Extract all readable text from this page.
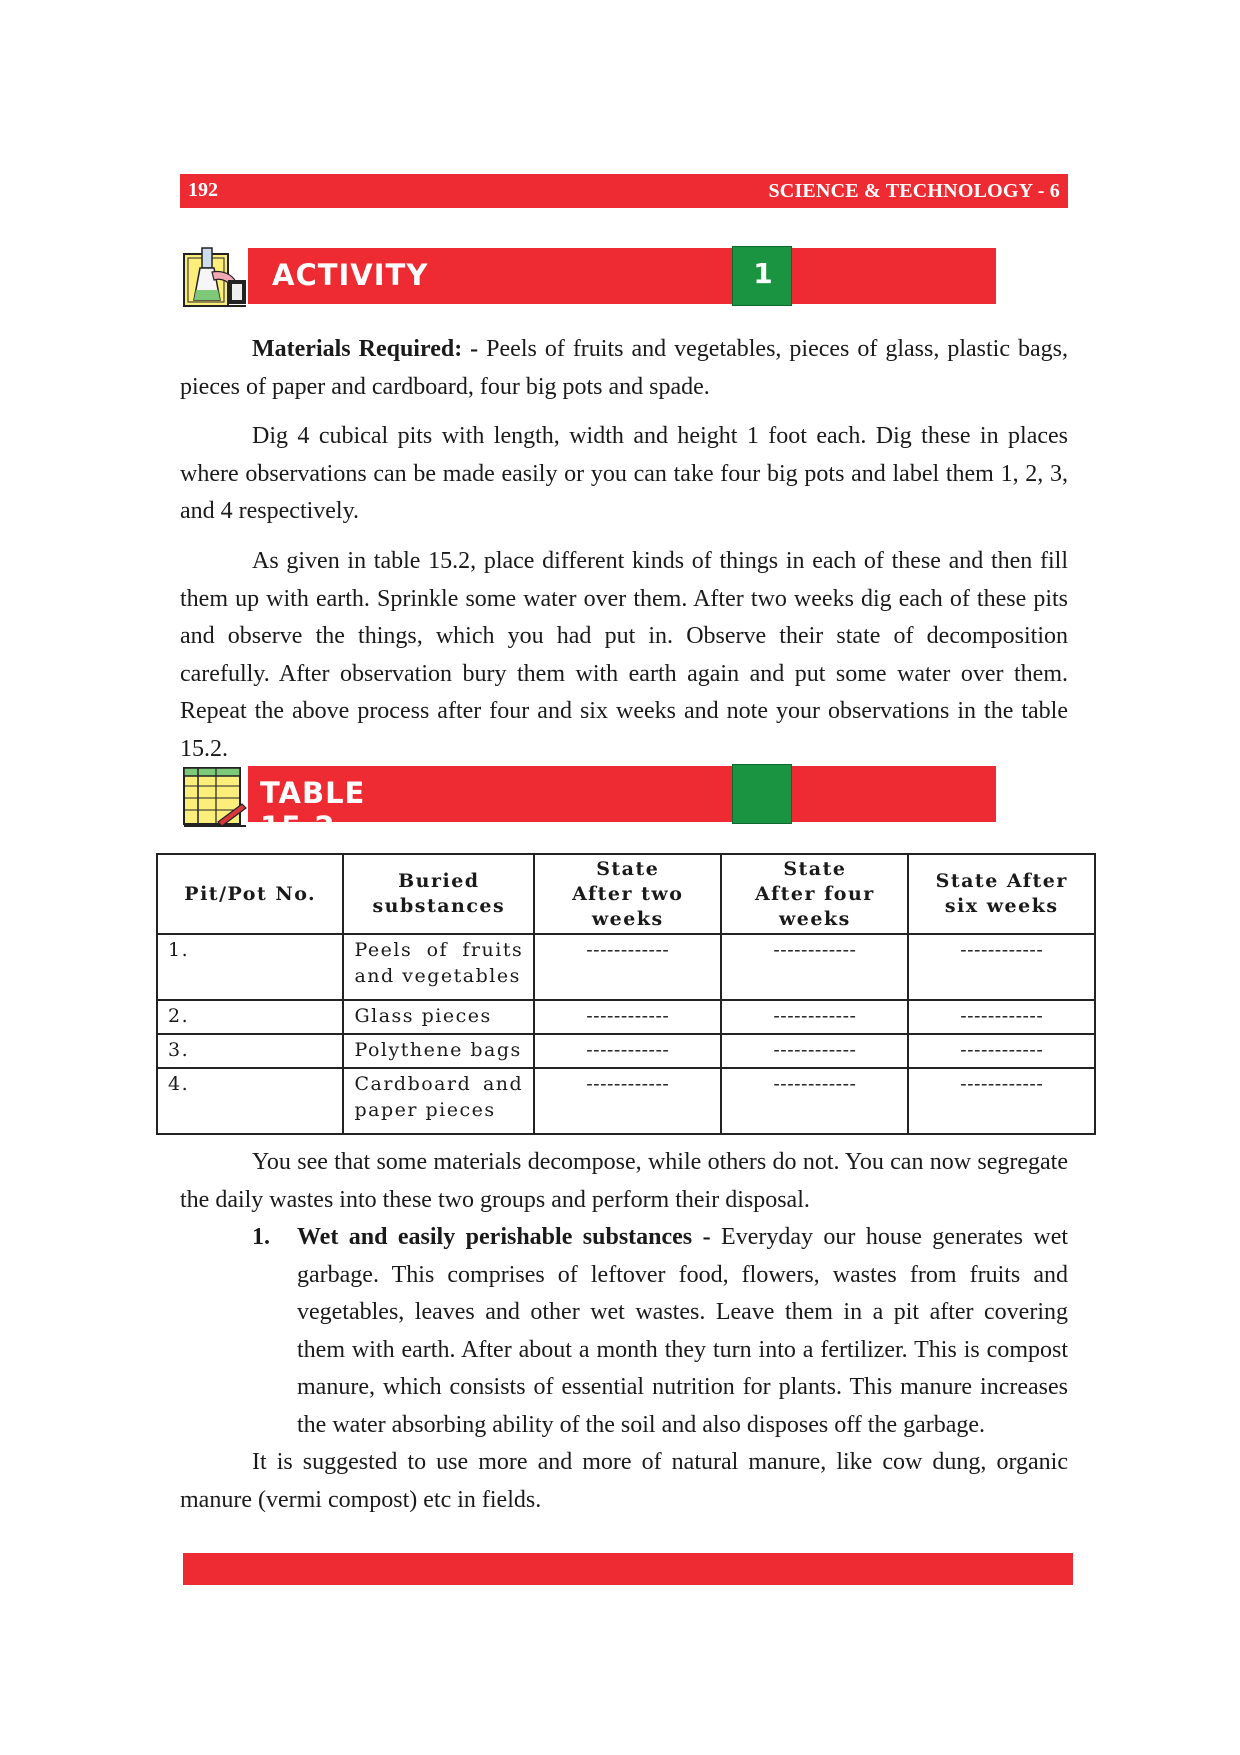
192	SCIENCE & TECHNOLOGY - 6
ACTIVITY	1

Materials Required: - Peels of fruits and vegetables, pieces of glass, plastic bags, pieces of paper and cardboard, four big pots and spade.

Dig 4 cubical pits with length, width and height 1 foot each. Dig these in places where observations can be made easily or you can take four big pots and label them 1, 2, 3, and 4 respectively.

As given in table 15.2, place different kinds of things in each of these and then fill them up with earth. Sprinkle some water over them. After two weeks dig each of these pits and observe the things, which you had put in. Observe their state of decomposition carefully. After observation bury them with earth again and put some water over them. Repeat the above process after four and six weeks and note your observations in the table 15.2.

TABLE 15.2
Pit/Pot No.	Buried substances	State After two weeks	State After four weeks	State After six weeks
1.	Peels of fruits and vegetables	------------	------------	------------
2.	Glass pieces	------------	------------	------------
3.	Polythene bags	------------	------------	------------
4.	Cardboard and paper pieces	------------	------------	------------

You see that some materials decompose, while others do not. You can now segregate the daily wastes into these two groups and perform their disposal.

1. Wet and easily perishable substances - Everyday our house generates wet garbage. This comprises of leftover food, flowers, wastes from fruits and vegetables, leaves and other wet wastes. Leave them in a pit after covering them with earth. After about a month they turn into a fertilizer. This is compost manure, which consists of essential nutrition for plants. This manure increases the water absorbing ability of the soil and also disposes off the garbage.

It is suggested to use more and more of natural manure, like cow dung, organic manure (vermi compost) etc in fields.
